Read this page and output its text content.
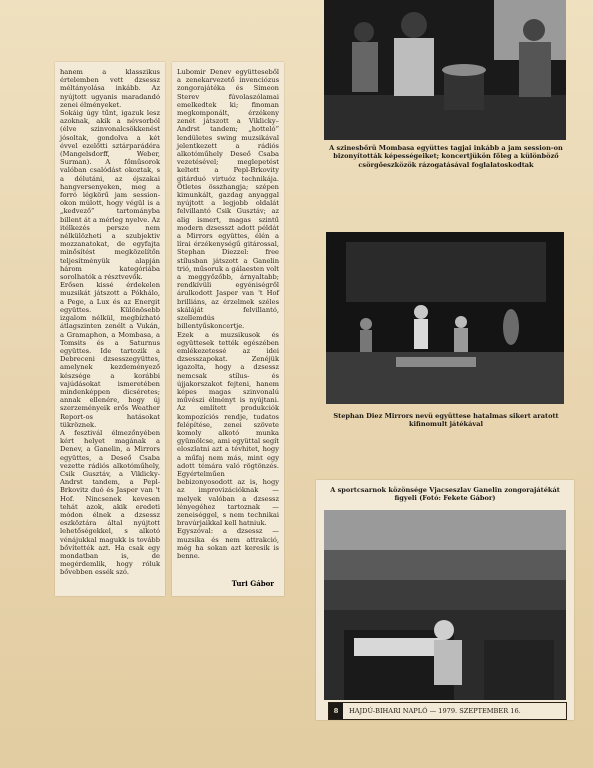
hanem a klasszikus értelemben vett dzsessz méltányolása inkább. Az nyújtott ugyanis maradandó zenei élményeket.
Sokáig úgy tűnt, igazuk lesz azoknak, akik a névsorból (élve szinvonalcsökkenést jósoltak, gondolva a két évvel ezelőtti sztárparádéra (Mangelsdorff, Weber, Surman). A főműsorok valóban csalódást okoztak, s a délutáni, az éjszakai hangversenyeken, meg a forró légkörű jam session-okon múlott, hogy végül is a „kedvező” tartományba billent át a mérleg nyelve. Az itélkezés persze nem nélkülözheti a szubjektiv mozzanatokat, de egyfajta minősítést megközelítőn teljesítményük alapján három kategóriába sorolhatók a résztvevők.
Erősen kissé érdekelen muzsikát játszott a Pókhálo, a Pege, a Lux és az Energit együttes. Különösebb izgalom nélkül, megbízható átlagszinten zenélt a Vukán, a Gramaphon, a Mombasa, a Tomsits és a Saturnus együttes. Ide tartozik a Debreceni dzsesszegyüttes, amelynek kezdeményező készsége a korábbi vajúdásokat ismeretében mindenképpen dicséretes; annak ellenére, hogy új szerzeményeik erős Weather Report-os hatásokat tükröznek.
A fesztivál élmezőnyében kért helyet magának a Denev, a Ganelin, a Mirrors együttes, a Deseő Csaba vezette rádiós alkotóműhely, Csik Gusztáv, a Viklicky-Andrst tandem, a Pepl-Brkovitz duó és Jasper van 't Hof. Nincsenek kevesen tehát azok, akik eredeti módon élnek a dzsessz eszköztára által nyújtott lehetőségekkel, s alkotó vénájukkal magukk is tovább bővítették azt. Ha csak egy mondatban is, de megérdemlik, hogy róluk bővebben essék szó.
Lubomir Denev együtteseből a zenekarvezető invenciózus zongorajátéka és Simeon Sterev fúvolaszólamai emelkedtek ki; finoman megkomponált, érzékeny zenét játszott a Viklicky–Andrst tandem; „hotteló” lendületes swing muzsikával jelentkezett a rádiós alkotóműhely Deseő Csaba vezetésével; meglepetést keltett a Pepl-Brkovity gitárduó virtuóz technikája. Ötletes összhangja; szépen kimunkált, gazdag anyaggal nyújtott a legjobb oldalát felvillantó Csik Gusztáv; az alig ismert, magas szintű modern dzsesszt adott példát a Mirrors együttes, élén a lírai érzékenységű gitárossal, Stephan Diezzel: free stílusban játszott a Ganelin trió, műsoruk a gálaesten volt a meggyőzőbb, árnyaltabb; rendkívüli egyéniségről árulkodott Jasper van 't Hof brilliáns, az érzelmek széles skáláját felvillantó, szellemdús billentyűskoncertje.
Ezek a muzsikusok és együttesek tették egészében emlékezetessé az idei dzsesszapokat. Zenéjük igazolta, hogy a dzsessz nemcsak stílus- és újjakorszakot fejteni, hanem képes magas szinvonalú művészi élményt is nyújtani. Az említett produkciók kompozíciós rendje, tudatos felépítése, zenei szövete komoly alkotó munka gyümölcse, ami együttal segít eloszlatni azt a tévhitet, hogy a műfaj nem más, mint egy adott témára való rögtönzés. Egyértelműen bebizonyosodott az is, hogy az improvizációknak — melyek valóban a dzsessz lényegéhez tartoznak — zeneiséggel, s nem technikai bravúrjaikkal kell hatniuk.
Egyszóval: a dzsessz — muzsika és nem attrakció, még ha sokan azt keresik is benne.
Turi Gábor
A szinesbőrü Mombasa együttes tagjai inkább a jam session-on bizonyították képességeiket; koncertjükön főleg a különböző csörgőeszközök rázogatásával foglalatoskodtak
Stephan Diez Mirrors nevü együttese hatalmas sikert aratott kifinomult játékával
A sportcsarnok közönsége Vjacseszlav Ganelin zongorajátékát figyeli (Fotó: Fekete Gábor)
8 HAJDÚ-BIHARI NAPLÓ — 1979. SZEPTEMBER 16.
